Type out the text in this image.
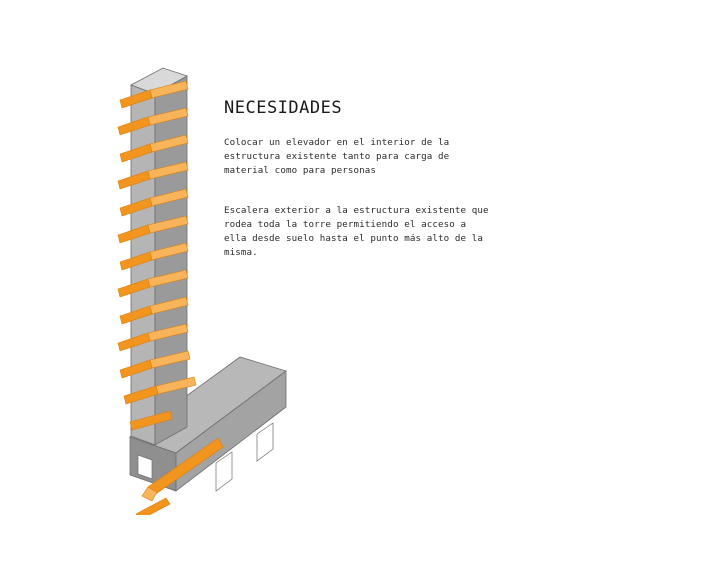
NECESIDADES

Colocar un elevador en el interior de la estructura existente tanto para carga de material como para personas

Escalera exterior a la estructura existente que rodea toda la torre permitiendo el acceso a ella desde suelo hasta el punto más alto de la misma.
